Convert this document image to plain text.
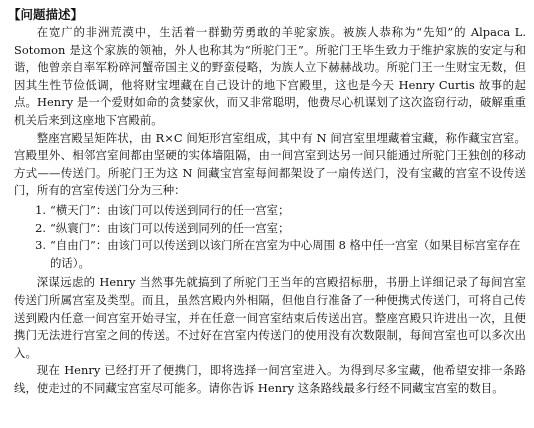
【问题描述】

在宽广的非洲荒漠中，生活着一群勤劳勇敢的羊驼家族。被族人恭称为“先知”的 Alpaca L. Sotomon 是这个家族的领袖，外人也称其为“所驼门王”。所驼门王毕生致力于维护家族的安定与和谐，他曾亲自率军粉碎河蟹帝国主义的野蛮侵略，为族人立下赫赫战功。所驼门王一生财宝无数，但因其生性节俭低调，他将财宝埋藏在自己设计的地下宫殿里，这也是今天 Henry Curtis 故事的起点。Henry 是一个爱财如命的贪婪家伙，而又非常聪明，他费尽心机谋划了这次盗窃行动，破解重重机关后来到这座地下宫殿前。

整座宫殿呈矩阵状，由 R×C 间矩形宫室组成，其中有 N 间宫室里埋藏着宝藏，称作藏宝宫室。宫殿里外、相邻宫室间都由坚硬的实体墙阻隔，由一间宫室到达另一间只能通过所驼门王独创的移动方式——传送门。所驼门王为这 N 间藏宝宫室每间都架设了一扇传送门，没有宝藏的宫室不设传送门，所有的宫室传送门分为三种：

1. “横天门”：由该门可以传送到同行的任一宫室；
2. “纵寰门”：由该门可以传送到同列的任一宫室；
3. “自由门”：由该门可以传送到以该门所在宫室为中心周围 8 格中任一宫室（如果目标宫室存在的话）。

深谋远虑的 Henry 当然事先就搞到了所驼门王当年的宫殿招标册，书册上详细记录了每间宫室传送门所属宫室及类型。而且，虽然宫殿内外相隔，但他自行准备了一种便携式传送门，可将自己传送到殿内任意一间宫室开始寻宝，并在任意一间宫室结束后传送出宫。整座宫殿只许进出一次，且便携门无法进行宫室之间的传送。不过好在宫室内传送门的使用没有次数限制，每间宫室也可以多次出入。

现在 Henry 已经打开了便携门，即将选择一间宫室进入。为得到尽多宝藏，他希望安排一条路线，使走过的不同藏宝宫室尽可能多。请你告诉 Henry 这条路线最多行经不同藏宝宫室的数目。
